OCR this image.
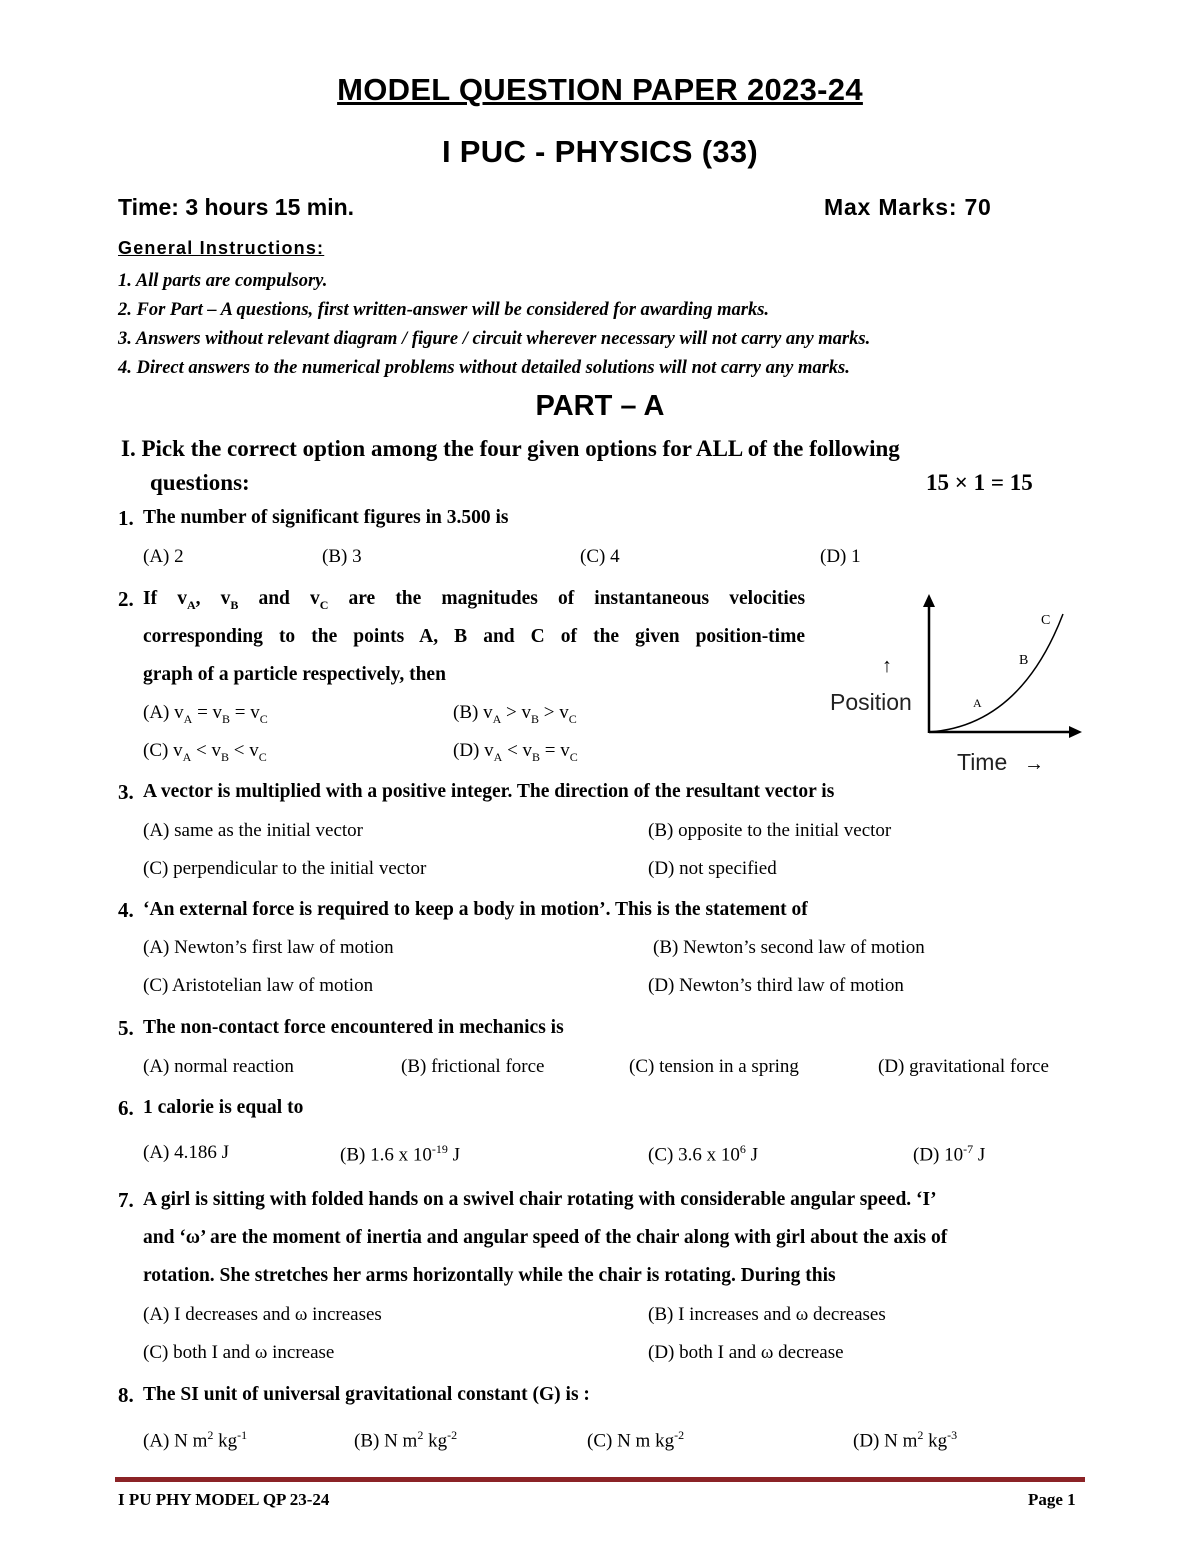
MODEL QUESTION PAPER 2023-24
I PUC - PHYSICS (33)
Time: 3 hours 15 min.	Max Marks: 70
General Instructions:
1. All parts are compulsory.
2. For Part – A questions, first written-answer will be considered for awarding marks.
3. Answers without relevant diagram / figure / circuit wherever necessary will not carry any marks.
4. Direct answers to the numerical problems without detailed solutions will not carry any marks.
PART – A
I. Pick the correct option among the four given options for ALL of the following
questions:	15 × 1 = 15
1. The number of significant figures in 3.500 is
(A) 2	(B) 3	(C) 4	(D) 1
2. If $v_A$, $v_B$ and $v_C$ are the magnitudes of instantaneous velocities
corresponding to the points A, B and C of the given position-time
graph of a particle respectively, then
(A) $v_A = v_B = v_C$	(B) $v_A > v_B > v_C$
(C) $v_A < v_B < v_C$	(D) $v_A < v_B = v_C$
↑
Position
Time →
A
B
C
3. A vector is multiplied with a positive integer. The direction of the resultant vector is
(A) same as the initial vector	(B) opposite to the initial vector
(C) perpendicular to the initial vector	(D) not specified
4. ‘An external force is required to keep a body in motion’. This is the statement of
(A) Newton’s first law of motion	(B) Newton’s second law of motion
(C) Aristotelian law of motion	(D) Newton’s third law of motion
5. The non-contact force encountered in mechanics is
(A) normal reaction	(B) frictional force	(C) tension in a spring	(D) gravitational force
6. 1 calorie is equal to
(A) 4.186 J	(B) 1.6 x $10^{-19}$ J	(C) 3.6 x $10^6$ J	(D) $10^{-7}$ J
7. A girl is sitting with folded hands on a swivel chair rotating with considerable angular speed. ‘I’
and ‘ω’ are the moment of inertia and angular speed of the chair along with girl about the axis of
rotation. She stretches her arms horizontally while the chair is rotating. During this
(A) I decreases and ω increases	(B) I increases and ω decreases
(C) both I and ω increase	(D) both I and ω decrease
8. The SI unit of universal gravitational constant (G) is :
(A) N $m^2$ $kg^{-1}$	(B) N $m^2$ $kg^{-2}$	(C) N m $kg^{-2}$	(D) N $m^2$ $kg^{-3}$
I PU PHY MODEL QP 23-24	Page 1
